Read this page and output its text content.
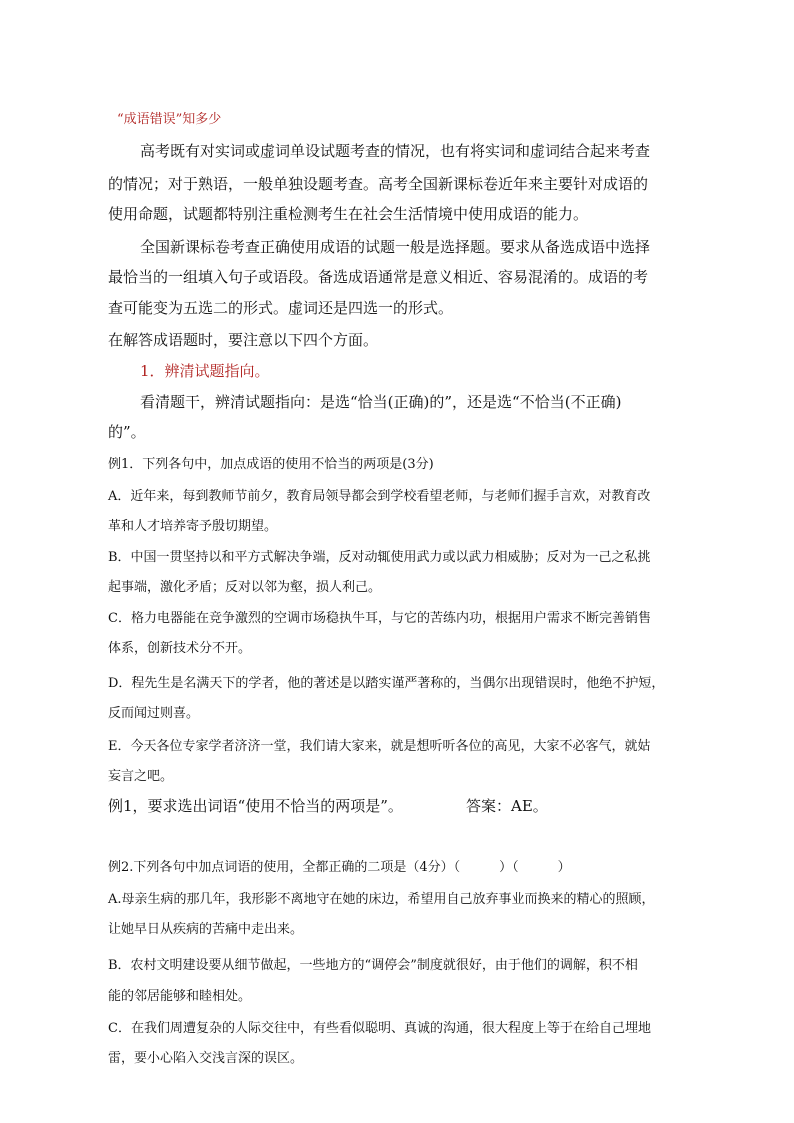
“成语错误”知多少
高考既有对实词或虚词单设试题考查的情况，也有将实词和虚词结合起来考查
的情况；对于熟语，一般单独设题考查。高考全国新课标卷近年来主要针对成语的
使用命题，试题都特别注重检测考生在社会生活情境中使用成语的能力。
全国新课标卷考查正确使用成语的试题一般是选择题。要求从备选成语中选择
最恰当的一组填入句子或语段。备选成语通常是意义相近、容易混淆的。成语的考
查可能变为五选二的形式。虚词还是四选一的形式。
在解答成语题时，要注意以下四个方面。
1．辨清试题指向。
看清题干，辨清试题指向：是选“恰当(正确)的”，还是选“不恰当(不正确)
的”。
例1．下列各句中，加点成语的使用不恰当的两项是(3分)
A．近年来，每到教师节前夕，教育局领导都会到学校看望老师，与老师们握手言欢，对教育改
革和人才培养寄予殷切期望。
B．中国一贯坚持以和平方式解决争端，反对动辄使用武力或以武力相威胁；反对为一己之私挑
起事端，激化矛盾；反对以邻为壑，损人利己。
C．格力电器能在竞争激烈的空调市场稳执牛耳，与它的苦练内功，根据用户需求不断完善销售
体系，创新技术分不开。
D．程先生是名满天下的学者，他的著述是以踏实谨严著称的，当偶尔出现错误时，他绝不护短，
反而闻过则喜。
E．今天各位专家学者济济一堂，我们请大家来，就是想听听各位的高见，大家不必客气，就姑
妄言之吧。
例1，要求选出词语“使用不恰当的两项是”。	答案：AE。
例2.下列各句中加点词语的使用，全都正确的二项是（4分）（　　　）（　　　）
A.母亲生病的那几年，我形影不离地守在她的床边，希望用自己放弃事业而换来的精心的照顾，
让她早日从疾病的苦痛中走出来。
B．农村文明建设要从细节做起，一些地方的“调停会”制度就很好，由于他们的调解，积不相
能的邻居能够和睦相处。
C．在我们周遭复杂的人际交往中，有些看似聪明、真诚的沟通，很大程度上等于在给自己埋地
雷，要小心陷入交浅言深的误区。
